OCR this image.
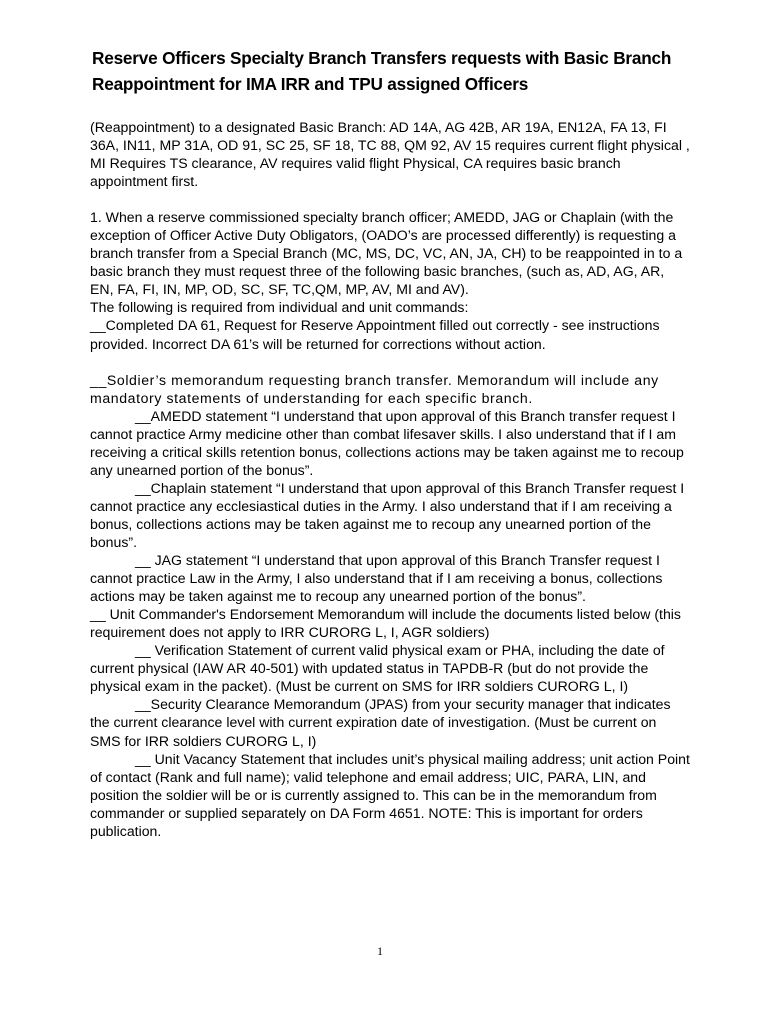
Reserve Officers Specialty Branch Transfers requests with Basic Branch Reappointment for IMA IRR and TPU assigned Officers

(Reappointment) to a designated Basic Branch: AD 14A, AG 42B, AR 19A, EN12A, FA 13, FI 36A, IN11, MP 31A, OD 91, SC 25, SF 18, TC 88, QM 92, AV 15 requires current flight physical , MI Requires TS clearance, AV requires valid flight Physical, CA requires basic branch appointment first.

1. When a reserve commissioned specialty branch officer; AMEDD, JAG or Chaplain (with the exception of Officer Active Duty Obligators, (OADO’s are processed differently) is requesting a branch transfer from a Special Branch (MC, MS, DC, VC, AN, JA, CH) to be reappointed in to a basic branch they must request three of the following basic branches, (such as, AD, AG, AR, EN, FA, FI, IN, MP, OD, SC, SF, TC,QM, MP, AV, MI and AV).

The following is required from individual and unit commands:

__Completed DA 61, Request for Reserve Appointment filled out correctly - see instructions provided. Incorrect DA 61’s will be returned for corrections without action.

__Soldier’s memorandum requesting branch transfer. Memorandum will include any mandatory statements of understanding for each specific branch.

__AMEDD statement “I understand that upon approval of this Branch transfer request I cannot practice Army medicine other than combat lifesaver skills. I also understand that if I am receiving a critical skills retention bonus, collections actions may be taken against me to recoup any unearned portion of the bonus”.

__Chaplain statement “I understand that upon approval of this Branch Transfer request I cannot practice any ecclesiastical duties in the Army. I also understand that if I am receiving a bonus, collections actions may be taken against me to recoup any unearned portion of the bonus”.

__ JAG statement “I understand that upon approval of this Branch Transfer request I cannot practice Law in the Army, I also understand that if I am receiving a bonus, collections actions may be taken against me to recoup any unearned portion of the bonus”.

__ Unit Commander's Endorsement Memorandum will include the documents listed below (this requirement does not apply to IRR CURORG L, I, AGR soldiers)

__ Verification Statement of current valid physical exam or PHA, including the date of current physical (IAW AR 40-501) with updated status in TAPDB-R (but do not provide the physical exam in the packet). (Must be current on SMS for IRR soldiers CURORG L, I)

__Security Clearance Memorandum (JPAS) from your security manager that indicates the current clearance level with current expiration date of investigation. (Must be current on SMS for IRR soldiers CURORG L, I)

__ Unit Vacancy Statement that includes unit’s physical mailing address; unit action Point of contact (Rank and full name); valid telephone and email address; UIC, PARA, LIN, and position the soldier will be or is currently assigned to. This can be in the memorandum from commander or supplied separately on DA Form 4651. NOTE: This is important for orders publication.

1
